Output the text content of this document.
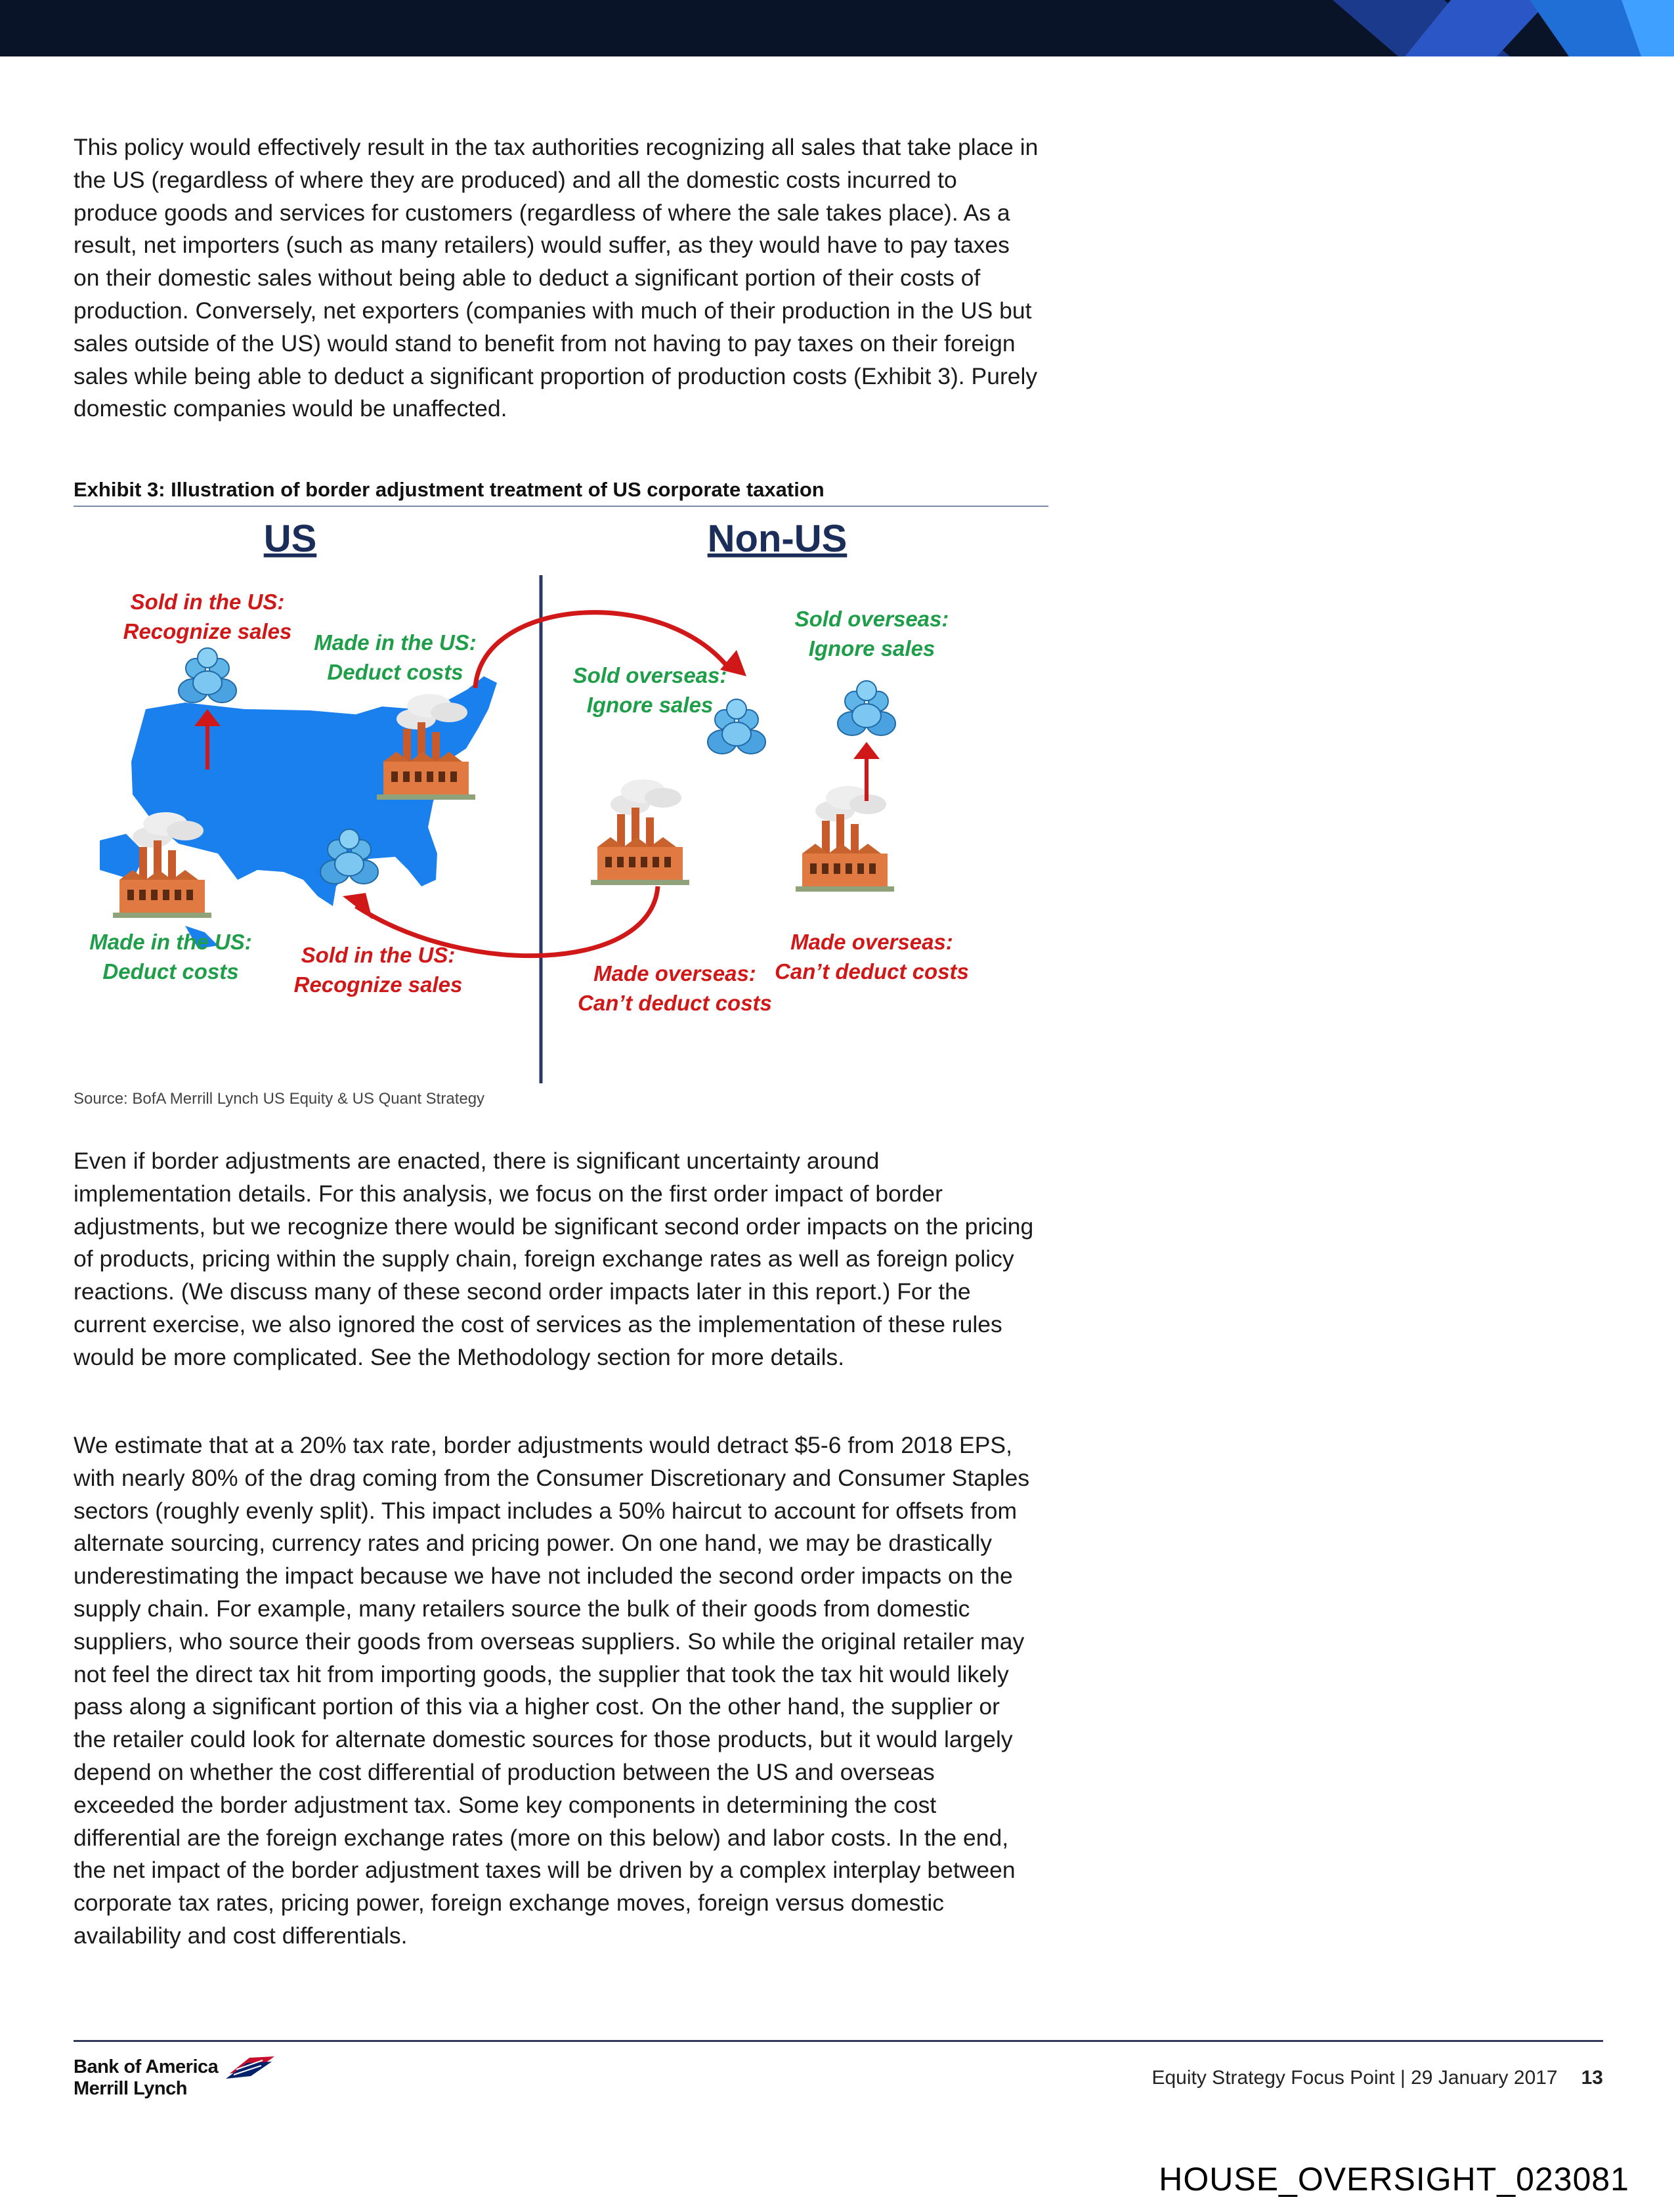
This policy would effectively result in the tax authorities recognizing all sales that take place in the US (regardless of where they are produced) and all the domestic costs incurred to produce goods and services for customers (regardless of where the sale takes place). As a result, net importers (such as many retailers) would suffer, as they would have to pay taxes on their domestic sales without being able to deduct a significant portion of their costs of production. Conversely, net exporters (companies with much of their production in the US but sales outside of the US) would stand to benefit from not having to pay taxes on their foreign sales while being able to deduct a significant proportion of production costs (Exhibit 3). Purely domestic companies would be unaffected.

Exhibit 3: Illustration of border adjustment treatment of US corporate taxation
US	Non-US
Sold in the US:
Recognize sales Made in the US:
Deduct costs
Made in the US:
Deduct costs
Sold in the US:
Recognize sales
Sold overseas:
Ignore sales
Sold overseas:
Ignore sales
Made overseas:
Can’t deduct costs
Made overseas:
Can’t deduct costs
Source: BofA Merrill Lynch US Equity & US Quant Strategy

Even if border adjustments are enacted, there is significant uncertainty around implementation details. For this analysis, we focus on the first order impact of border adjustments, but we recognize there would be significant second order impacts on the pricing of products, pricing within the supply chain, foreign exchange rates as well as foreign policy reactions. (We discuss many of these second order impacts later in this report.) For the current exercise, we also ignored the cost of services as the implementation of these rules would be more complicated. See the Methodology section for more details.

We estimate that at a 20% tax rate, border adjustments would detract $5-6 from 2018 EPS, with nearly 80% of the drag coming from the Consumer Discretionary and Consumer Staples sectors (roughly evenly split). This impact includes a 50% haircut to account for offsets from alternate sourcing, currency rates and pricing power. On one hand, we may be drastically underestimating the impact because we have not included the second order impacts on the supply chain. For example, many retailers source the bulk of their goods from domestic suppliers, who source their goods from overseas suppliers. So while the original retailer may not feel the direct tax hit from importing goods, the supplier that took the tax hit would likely pass along a significant portion of this via a higher cost. On the other hand, the supplier or the retailer could look for alternate domestic sources for those products, but it would largely depend on whether the cost differential of production between the US and overseas exceeded the border adjustment tax. Some key components in determining the cost differential are the foreign exchange rates (more on this below) and labor costs. In the end, the net impact of the border adjustment taxes will be driven by a complex interplay between corporate tax rates, pricing power, foreign exchange moves, foreign versus domestic availability and cost differentials.

Bank of America
Merrill Lynch	Equity Strategy Focus Point | 29 January 2017 13
HOUSE_OVERSIGHT_023081
